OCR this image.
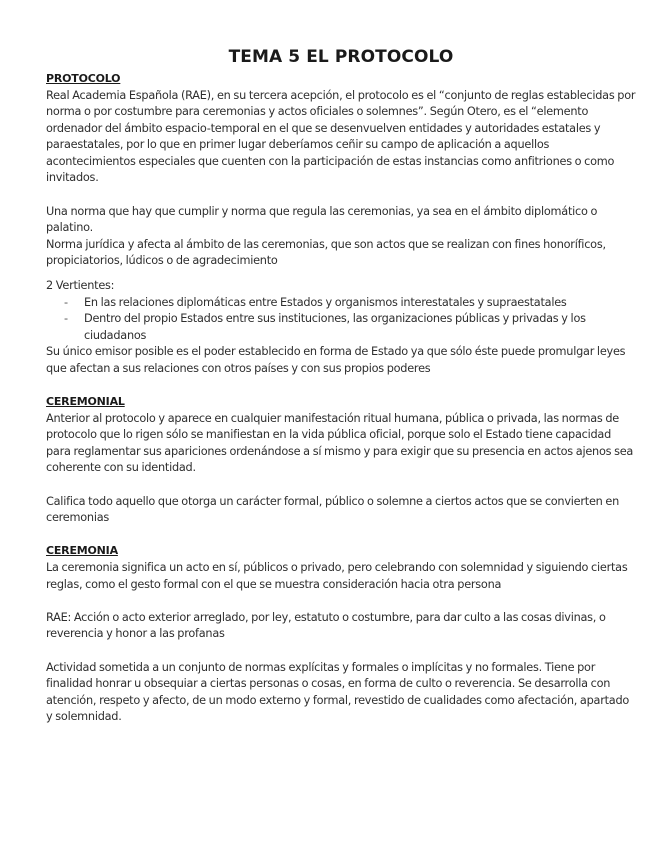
TEMA 5 EL PROTOCOLO
PROTOCOLO

Real Academia Española (RAE), en su tercera acepción, el protocolo es el “conjunto de reglas establecidas por norma o por costumbre para ceremonias y actos oficiales o solemnes”. Según Otero, es el “elemento ordenador del ámbito espacio-temporal en el que se desenvuelven entidades y autoridades estatales y paraestatales, por lo que en primer lugar deberíamos ceñir su campo de aplicación a aquellos acontecimientos especiales que cuenten con la participación de estas instancias como anfitriones o como invitados.

Una norma que hay que cumplir y norma que regula las ceremonias, ya sea en el ámbito diplomático o palatino.

Norma jurídica y afecta al ámbito de las ceremonias, que son actos que se realizan con fines honoríficos, propiciatorios, lúdicos o de agradecimiento

2 Vertientes:

- En las relaciones diplomáticas entre Estados y organismos interestatales y supraestatales
- Dentro del propio Estados entre sus instituciones, las organizaciones públicas y privadas y los ciudadanos

Su único emisor posible es el poder establecido en forma de Estado ya que sólo éste puede promulgar leyes que afectan a sus relaciones con otros países y con sus propios poderes

CEREMONIAL

Anterior al protocolo y aparece en cualquier manifestación ritual humana, pública o privada, las normas de protocolo que lo rigen sólo se manifiestan en la vida pública oficial, porque solo el Estado tiene capacidad para reglamentar sus apariciones ordenándose a sí mismo y para exigir que su presencia en actos ajenos sea coherente con su identidad.

Califica todo aquello que otorga un carácter formal, público o solemne a ciertos actos que se convierten en ceremonias

CEREMONIA

La ceremonia significa un acto en sí, públicos o privado, pero celebrando con solemnidad y siguiendo ciertas reglas, como el gesto formal con el que se muestra consideración hacia otra persona

RAE: Acción o acto exterior arreglado, por ley, estatuto o costumbre, para dar culto a las cosas divinas, o reverencia y honor a las profanas

Actividad sometida a un conjunto de normas explícitas y formales o implícitas y no formales. Tiene por finalidad honrar u obsequiar a ciertas personas o cosas, en forma de culto o reverencia. Se desarrolla con atención, respeto y afecto, de un modo externo y formal, revestido de cualidades como afectación, apartado y solemnidad.
